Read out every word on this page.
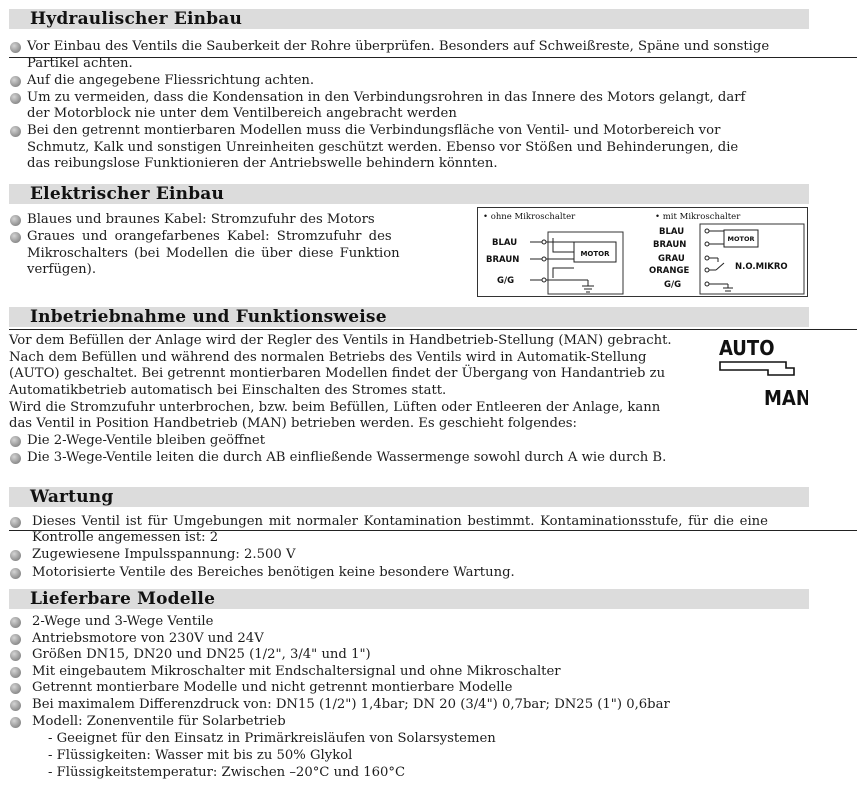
Hydraulischer Einbau
Vor Einbau des Ventils die Sauberkeit der Rohre überprüfen. Besonders auf Schweißreste, Späne und sonstige
Partikel achten.
Auf die angegebene Fliessrichtung achten.
Um zu vermeiden, dass die Kondensation in den Verbindungsrohren in das Innere des Motors gelangt, darf
der Motorblock nie unter dem Ventilbereich angebracht werden
Bei den getrennt montierbaren Modellen muss die Verbindungsfläche von Ventil- und Motorbereich vor
Schmutz, Kalk und sonstigen Unreinheiten geschützt werden. Ebenso vor Stößen und Behinderungen, die
das reibungslose Funktionieren der Antriebswelle behindern könnten.
Elektrischer Einbau
Blaues und braunes Kabel: Stromzufuhr des Motors
Graues und orangefarbenes Kabel: Stromzufuhr des
Mikroschalters (bei Modellen die über diese Funktion
verfügen).
• ohne Mikroschalter	• mit Mikroschalter
BLAU
BRAUN
G/G
MOTOR
BLAU
BRAUN
GRAU
ORANGE
G/G
N.O.MIKRO
MOTOR
Inbetriebnahme und Funktionsweise
Vor dem Befüllen der Anlage wird der Regler des Ventils in Handbetrieb-Stellung (MAN) gebracht.
Nach dem Befüllen und während des normalen Betriebs des Ventils wird in Automatik-Stellung
(AUTO) geschaltet. Bei getrennt montierbaren Modellen findet der Übergang von Handantrieb zu
Automatikbetrieb automatisch bei Einschalten des Stromes statt.
Wird die Stromzufuhr unterbrochen, bzw. beim Befüllen, Lüften oder Entleeren der Anlage, kann
das Ventil in Position Handbetrieb (MAN) betrieben werden. Es geschieht folgendes:
Die 2-Wege-Ventile bleiben geöffnet
Die 3-Wege-Ventile leiten die durch AB einfließende Wassermenge sowohl durch A wie durch B.
AUTO
MAN
Wartung
Dieses Ventil ist für Umgebungen mit normaler Kontamination bestimmt. Kontaminationsstufe, für die eine
Kontrolle angemessen ist: 2
Zugewiesene Impulsspannung: 2.500 V
Motorisierte Ventile des Bereiches benötigen keine besondere Wartung.
Lieferbare Modelle
2-Wege und 3-Wege Ventile
Antriebsmotore von 230V und 24V
Größen DN15, DN20 und DN25 (1/2", 3/4" und 1")
Mit eingebautem Mikroschalter mit Endschaltersignal und ohne Mikroschalter
Getrennt montierbare Modelle und nicht getrennt montierbare Modelle
Bei maximalem Differenzdruck von: DN15 (1/2") 1,4bar; DN 20 (3/4") 0,7bar; DN25 (1") 0,6bar
Modell: Zonenventile für Solarbetrieb
- Geeignet für den Einsatz in Primärkreisläufen von Solarsystemen
- Flüssigkeiten: Wasser mit bis zu 50% Glykol
- Flüssigkeitstemperatur: Zwischen –20°C und 160°C
